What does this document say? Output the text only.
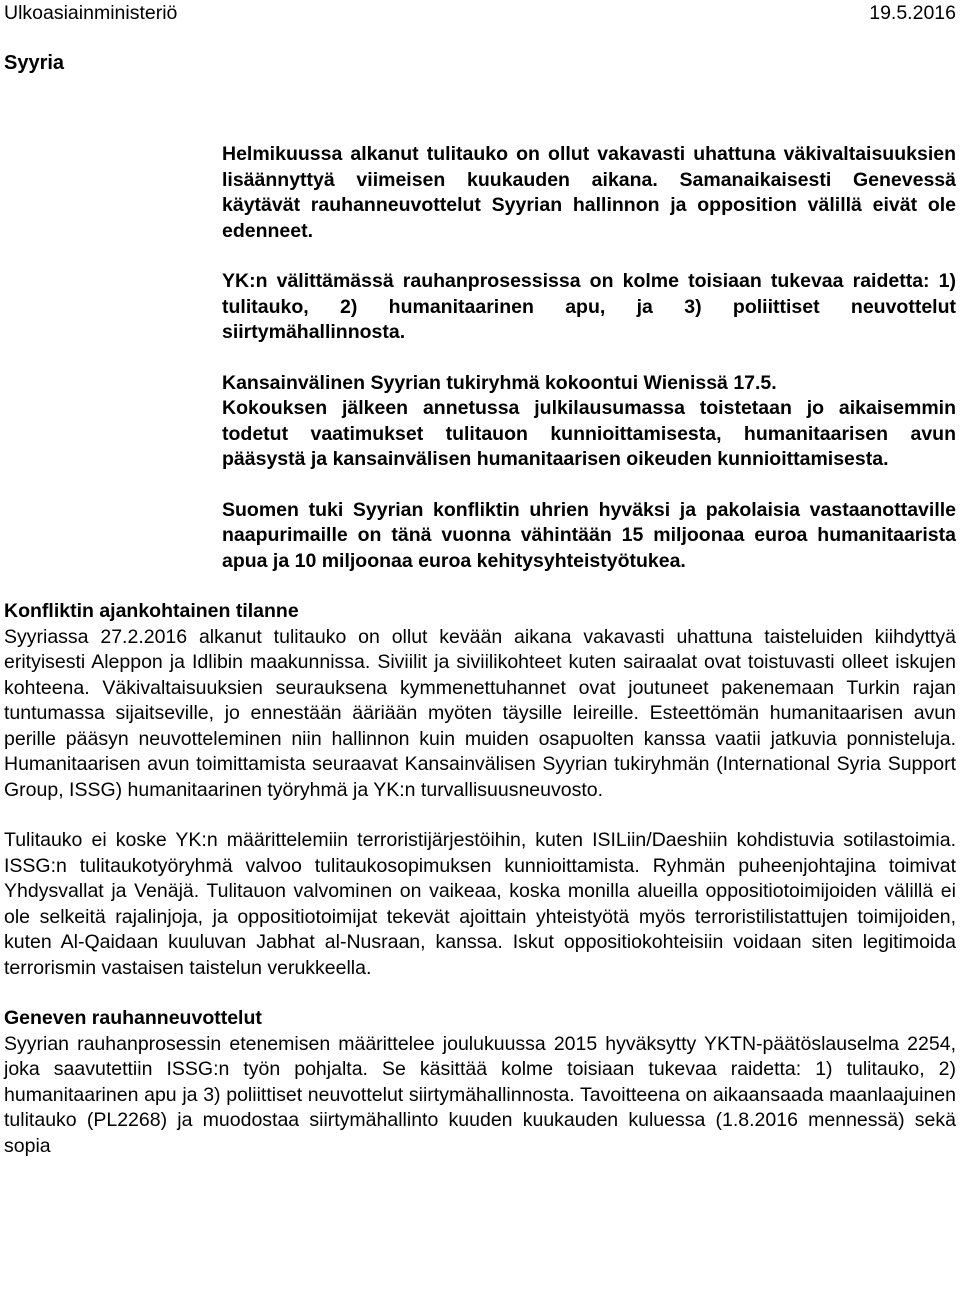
Ulkoasiainministeriö	19.5.2016
Syyria

Helmikuussa alkanut tulitauko on ollut vakavasti uhattuna väkivaltaisuuksien lisäännyttyä viimeisen kuukauden aikana. Samanaikaisesti Genevessä käytävät rauhanneuvottelut Syyrian hallinnon ja opposition välillä eivät ole edenneet.

YK:n välittämässä rauhanprosessissa on kolme toisiaan tukevaa raidetta: 1) tulitauko, 2) humanitaarinen apu, ja 3) poliittiset neuvottelut siirtymähallinnosta.

Kansainvälinen Syyrian tukiryhmä kokoontui Wienissä 17.5.

Kokouksen jälkeen annetussa julkilausumassa toistetaan jo aikaisemmin todetut vaatimukset tulitauon kunnioittamisesta, humanitaarisen avun pääsystä ja kansainvälisen humanitaarisen oikeuden kunnioittamisesta.

Suomen tuki Syyrian konfliktin uhrien hyväksi ja pakolaisia vastaanottaville naapurimaille on tänä vuonna vähintään 15 miljoonaa euroa humanitaarista apua ja 10 miljoonaa euroa kehitysyhteistyötukea.

Konfliktin ajankohtainen tilanne

Syyriassa 27.2.2016 alkanut tulitauko on ollut kevään aikana vakavasti uhattuna taisteluiden kiihdyttyä erityisesti Aleppon ja Idlibin maakunnissa. Siviilit ja siviilikohteet kuten sairaalat ovat toistuvasti olleet iskujen kohteena. Väkivaltaisuuksien seurauksena kymmenettuhannet ovat joutuneet pakenemaan Turkin rajan tuntumassa sijaitseville, jo ennestään ääriään myöten täysille leireille. Esteettömän humanitaarisen avun perille pääsyn neuvotteleminen niin hallinnon kuin muiden osapuolten kanssa vaatii jatkuvia ponnisteluja. Humanitaarisen avun toimittamista seuraavat Kansainvälisen Syyrian tukiryhmän (International Syria Support Group, ISSG) humanitaarinen työryhmä ja YK:n turvallisuusneuvosto.

Tulitauko ei koske YK:n määrittelemiin terroristijärjestöihin, kuten ISILiin/Daeshiin kohdistuvia sotilastoimia. ISSG:n tulitaukotyöryhmä valvoo tulitaukosopimuksen kunnioittamista. Ryhmän puheenjohtajina toimivat Yhdysvallat ja Venäjä. Tulitauon valvominen on vaikeaa, koska monilla alueilla oppositiotoimijoiden välillä ei ole selkeitä rajalinjoja, ja oppositiotoimijat tekevät ajoittain yhteistyötä myös terroristilistattujen toimijoiden, kuten Al-Qaidaan kuuluvan Jabhat al-Nusraan, kanssa. Iskut oppositiokohteisiin voidaan siten legitimoida terrorismin vastaisen taistelun verukkeella.

Geneven rauhanneuvottelut

Syyrian rauhanprosessin etenemisen määrittelee joulukuussa 2015 hyväksytty YKTN-päätöslauselma 2254, joka saavutettiin ISSG:n työn pohjalta. Se käsittää kolme toisiaan tukevaa raidetta: 1) tulitauko, 2) humanitaarinen apu ja 3) poliittiset neuvottelut siirtymähallinnosta. Tavoitteena on aikaansaada maanlaajuinen tulitauko (PL2268) ja muodostaa siirtymähallinto kuuden kuukauden kuluessa (1.8.2016 mennessä) sekä sopia
